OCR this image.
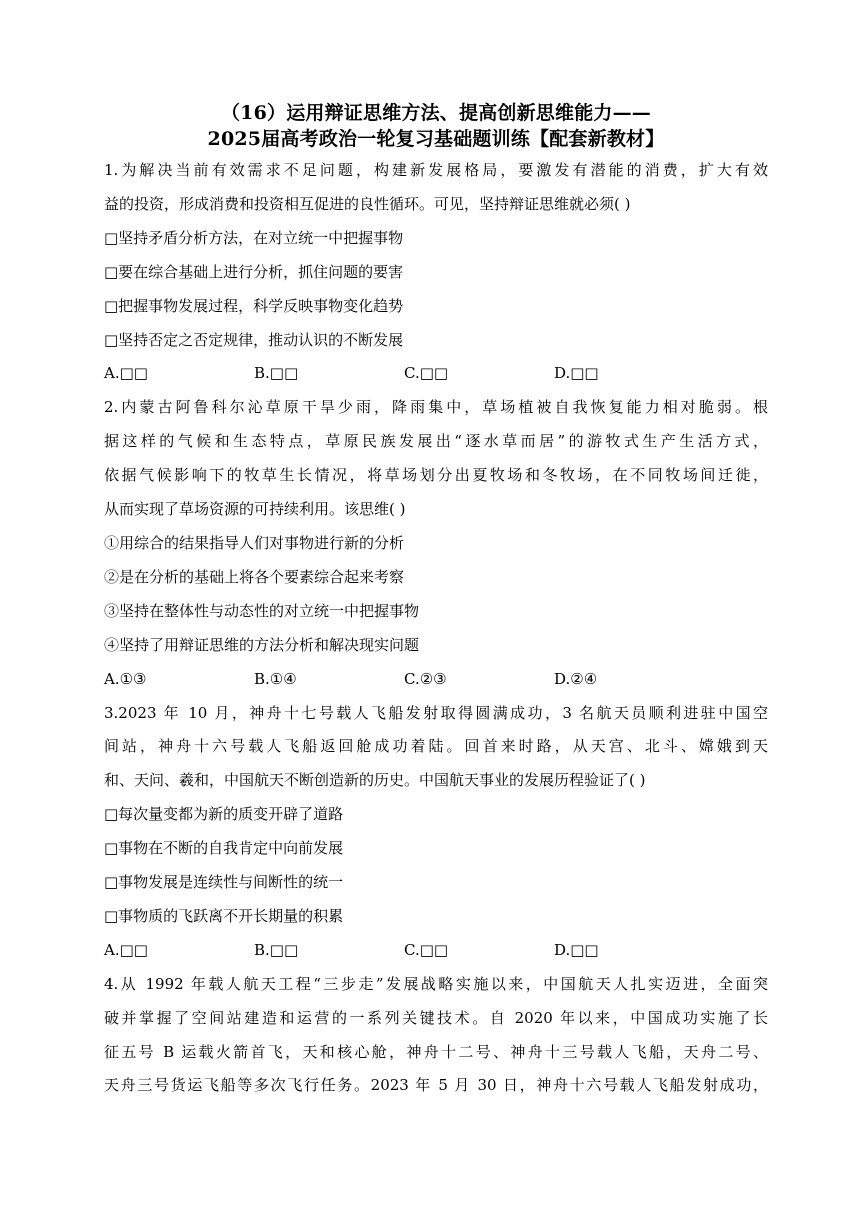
（16）运用辩证思维方法、提高创新思维能力——
2025届高考政治一轮复习基础题训练【配套新教材】
1.为解决当前有效需求不足问题，构建新发展格局，要激发有潜能的消费，扩大有效
益的投资，形成消费和投资相互促进的良性循环。可见，坚持辩证思维就必须( )
□坚持矛盾分析方法，在对立统一中把握事物
□要在综合基础上进行分析，抓住问题的要害
□把握事物发展过程，科学反映事物变化趋势
□坚持否定之否定规律，推动认识的不断发展
A.□□	B.□□	C.□□	D.□□
2.内蒙古阿鲁科尔沁草原干旱少雨，降雨集中，草场植被自我恢复能力相对脆弱。根
据这样的气候和生态特点，草原民族发展出“逐水草而居”的游牧式生产生活方式，
依据气候影响下的牧草生长情况，将草场划分出夏牧场和冬牧场，在不同牧场间迁徙，
从而实现了草场资源的可持续利用。该思维( )
①用综合的结果指导人们对事物进行新的分析
②是在分析的基础上将各个要素综合起来考察
③坚持在整体性与动态性的对立统一中把握事物
④坚持了用辩证思维的方法分析和解决现实问题
A.①③	B.①④	C.②③	D.②④
3.2023 年 10 月，神舟十七号载人飞船发射取得圆满成功，3 名航天员顺利进驻中国空
间站，神舟十六号载人飞船返回舱成功着陆。回首来时路，从天宫、北斗、嫦娥到天
和、天问、羲和，中国航天不断创造新的历史。中国航天事业的发展历程验证了( )
□每次量变都为新的质变开辟了道路
□事物在不断的自我肯定中向前发展
□事物发展是连续性与间断性的统一
□事物质的飞跃离不开长期量的积累
A.□□	B.□□	C.□□	D.□□
4.从 1992 年载人航天工程“三步走”发展战略实施以来，中国航天人扎实迈进，全面突
破并掌握了空间站建造和运营的一系列关键技术。自 2020 年以来，中国成功实施了长
征五号 B 运载火箭首飞，天和核心舱，神舟十二号、神舟十三号载人飞船，天舟二号、
天舟三号货运飞船等多次飞行任务。2023 年 5 月 30 日，神舟十六号载人飞船发射成功，
